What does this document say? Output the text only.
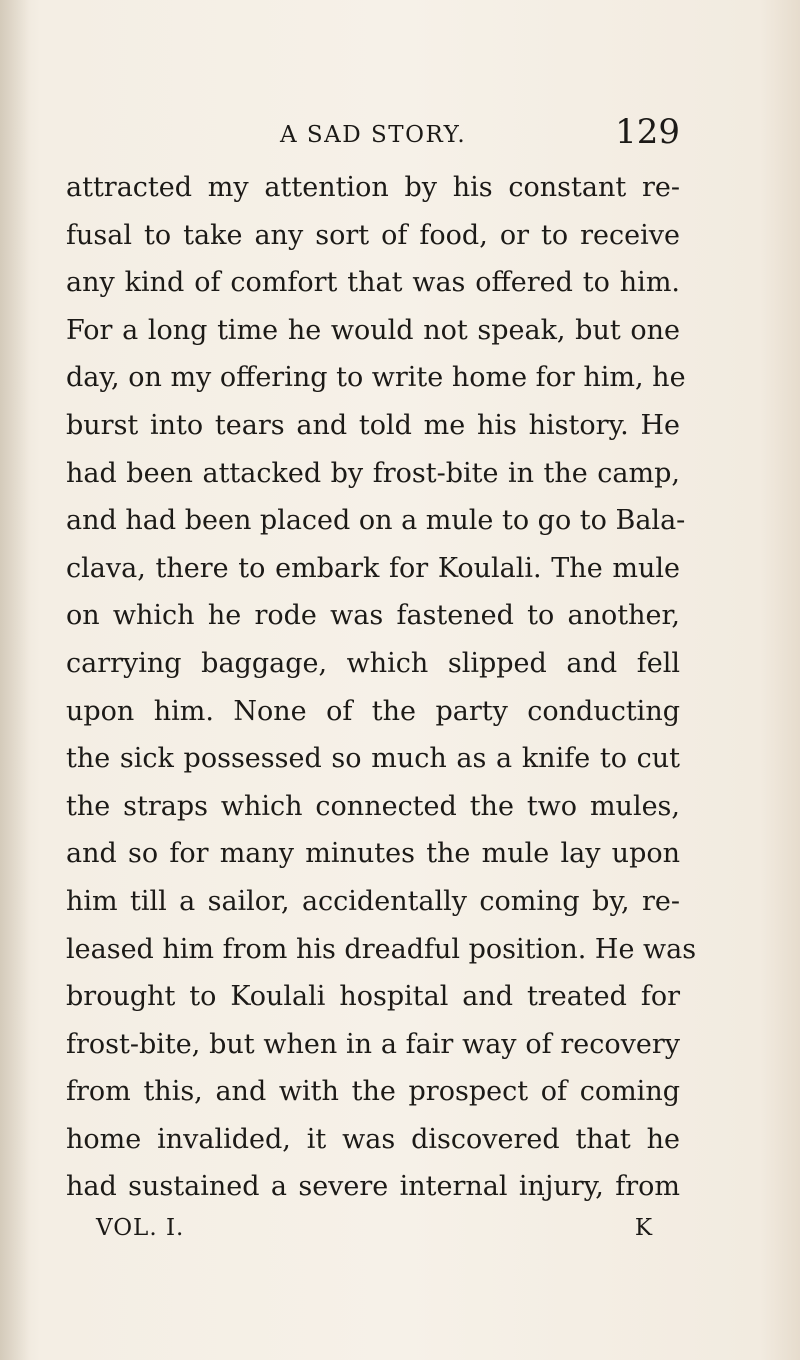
A SAD STORY.	129
attracted my attention by his constant re-
fusal to take any sort of food, or to receive
any kind of comfort that was offered to him.
For a long time he would not speak, but one
day, on my offering to write home for him, he
burst into tears and told me his history. He
had been attacked by frost-bite in the camp,
and had been placed on a mule to go to Bala-
clava, there to embark for Koulali. The mule
on which he rode was fastened to another,
carrying baggage, which slipped and fell
upon him. None of the party conducting
the sick possessed so much as a knife to cut
the straps which connected the two mules,
and so for many minutes the mule lay upon
him till a sailor, accidentally coming by, re-
leased him from his dreadful position. He was
brought to Koulali hospital and treated for
frost-bite, but when in a fair way of recovery
from this, and with the prospect of coming
home invalided, it was discovered that he
had sustained a severe internal injury, from
VOL. I.	K
